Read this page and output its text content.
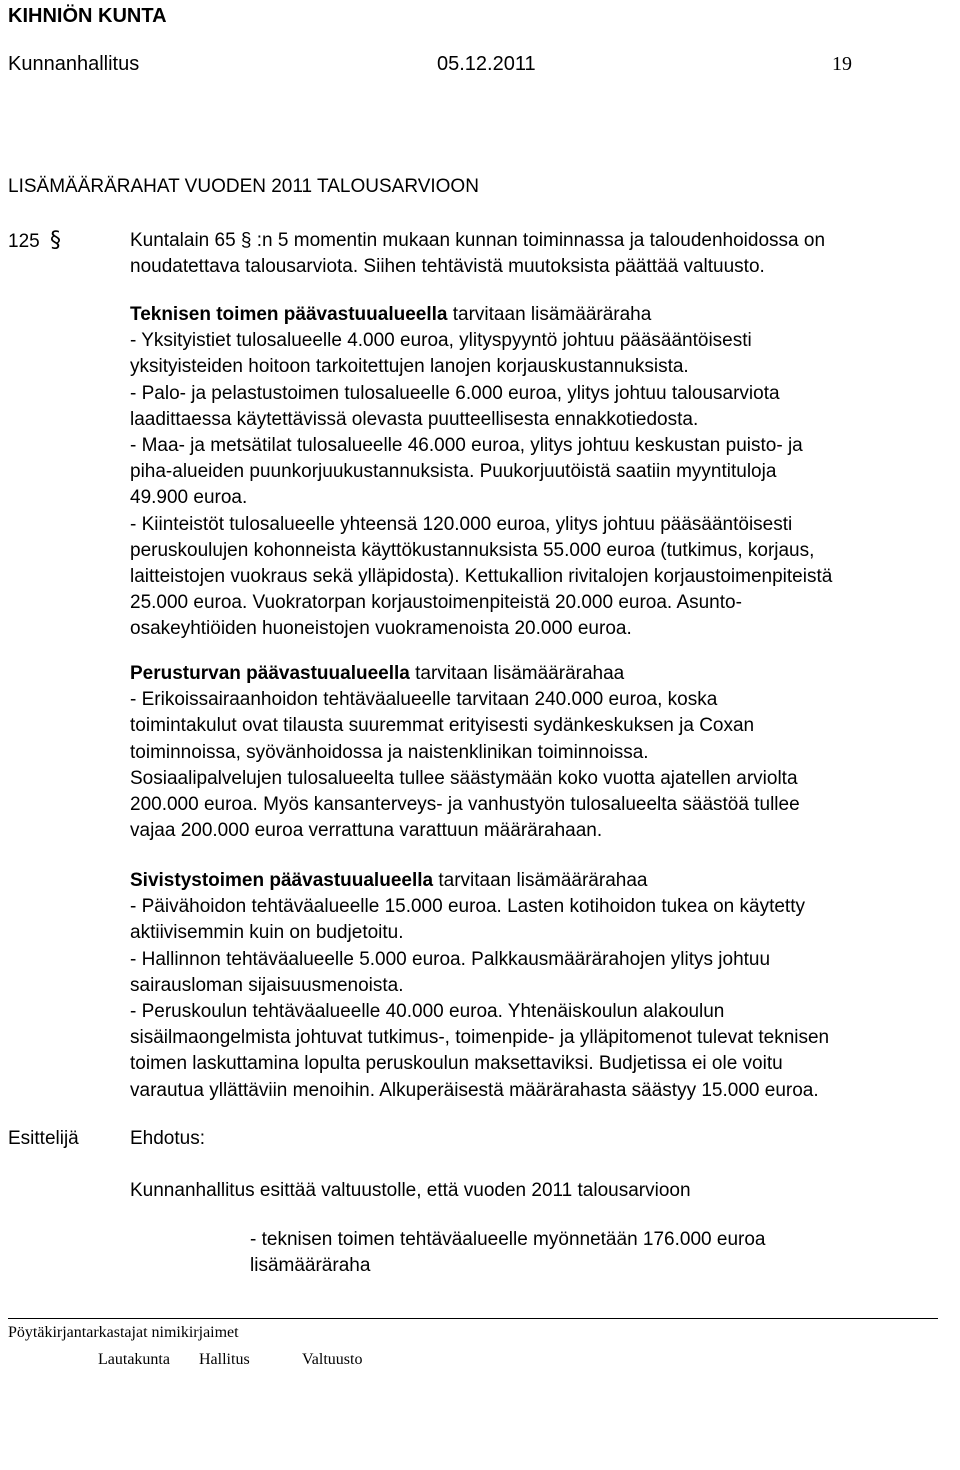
KIHNIÖN KUNTA
Kunnanhallitus	05.12.2011	19
LISÄMÄÄRÄRAHAT VUODEN 2011 TALOUSARVIOON
125 §	Kuntalain 65 § :n 5 momentin mukaan kunnan toiminnassa ja taloudenhoidossa on
noudatettava talousarviota. Siihen tehtävistä muutoksista päättää valtuusto.
Teknisen toimen päävastuualueella tarvitaan lisämääräraha
- Yksityistiet tulosalueelle 4.000 euroa, ylityspyyntö johtuu pääsääntöisesti
yksityisteiden hoitoon tarkoitettujen lanojen korjauskustannuksista.
- Palo- ja pelastustoimen tulosalueelle 6.000 euroa, ylitys johtuu talousarviota
laadittaessa käytettävissä olevasta puutteellisesta ennakkotiedosta.
- Maa- ja metsätilat tulosalueelle 46.000 euroa, ylitys johtuu keskustan puisto- ja
piha-alueiden puunkorjuukustannuksista. Puukorjuutöistä saatiin myyntituloja
49.900 euroa.
- Kiinteistöt tulosalueelle yhteensä 120.000 euroa, ylitys johtuu pääsääntöisesti
peruskoulujen kohonneista käyttökustannuksista 55.000 euroa (tutkimus, korjaus,
laitteistojen vuokraus sekä ylläpidosta). Kettukallion rivitalojen korjaustoimenpiteistä
25.000 euroa. Vuokratorpan korjaustoimenpiteistä 20.000 euroa. Asunto-
osakeyhtiöiden huoneistojen vuokramenoista 20.000 euroa.
Perusturvan päävastuualueella tarvitaan lisämäärärahaa
- Erikoissairaanhoidon tehtäväalueelle tarvitaan 240.000 euroa, koska
toimintakulut ovat tilausta suuremmat erityisesti sydänkeskuksen ja Coxan
toiminnoissa, syövänhoidossa ja naistenklinikan toiminnoissa.
Sosiaalipalvelujen tulosalueelta tullee säästymään koko vuotta ajatellen arviolta
200.000 euroa. Myös kansanterveys- ja vanhustyön tulosalueelta säästöä tullee
vajaa 200.000 euroa verrattuna varattuun määrärahaan.
Sivistystoimen päävastuualueella tarvitaan lisämäärärahaa
- Päivähoidon tehtäväalueelle 15.000 euroa. Lasten kotihoidon tukea on käytetty
aktiivisemmin kuin on budjetoitu.
- Hallinnon tehtäväalueelle 5.000 euroa. Palkkausmäärärahojen ylitys johtuu
sairausloman sijaisuusmenoista.
- Peruskoulun tehtäväalueelle 40.000 euroa. Yhtenäiskoulun alakoulun
sisäilmaongelmista johtuvat tutkimus-, toimenpide- ja ylläpitomenot tulevat teknisen
toimen laskuttamina lopulta peruskoulun maksettaviksi. Budjetissa ei ole voitu
varautua yllättäviin menoihin. Alkuperäisestä määrärahasta säästyy 15.000 euroa.
Esittelijä	Ehdotus:
Kunnanhallitus esittää valtuustolle, että vuoden 2011 talousarvioon
- teknisen toimen tehtäväalueelle myönnetään 176.000 euroa
lisämääräraha
Pöytäkirjantarkastajat nimikirjaimet
Lautakunta Hallitus	Valtuusto
